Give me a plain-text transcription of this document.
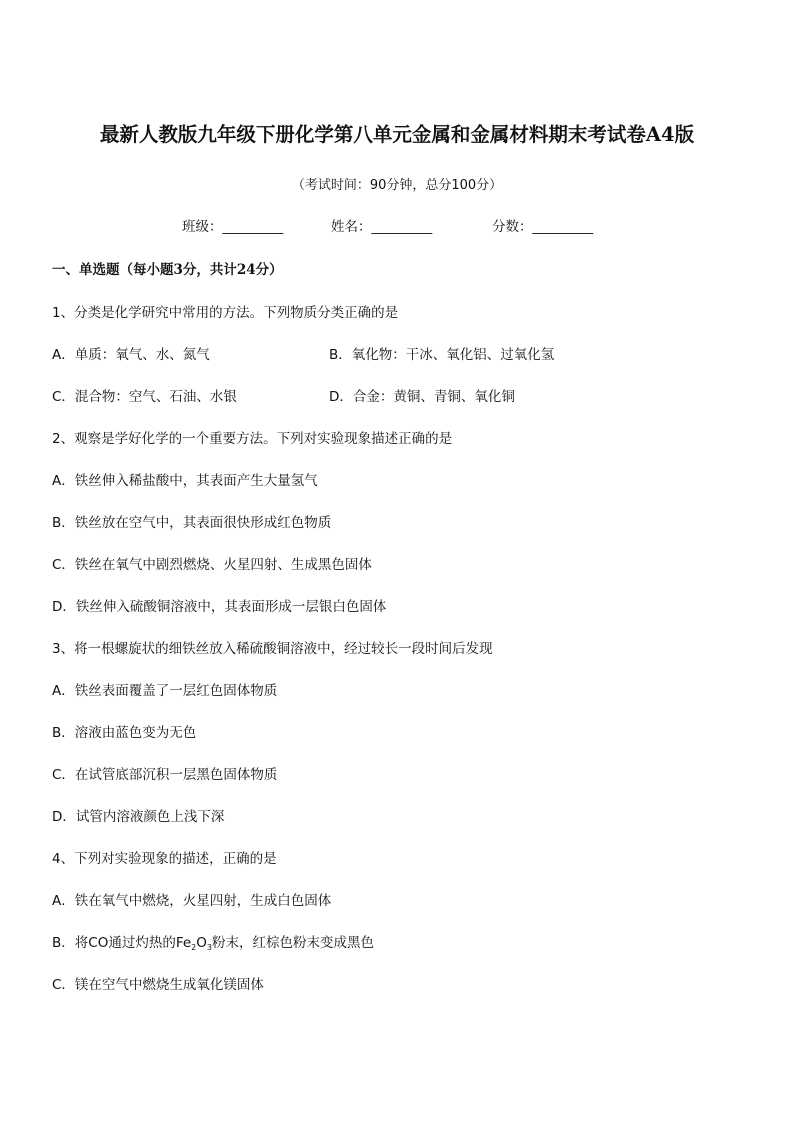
最新人教版九年级下册化学第八单元金属和金属材料期末考试卷A4版
（考试时间：90分钟，总分100分）
班级：_________	姓名：_________	分数：_________
一、单选题（每小题3分，共计24分）
1、分类是化学研究中常用的方法。下列物质分类正确的是
A．单质：氧气、水、氮气	B．氧化物：干冰、氧化铝、过氧化氢
C．混合物：空气、石油、水银	D．合金：黄铜、青铜、氧化铜
2、观察是学好化学的一个重要方法。下列对实验现象描述正确的是
A．铁丝伸入稀盐酸中，其表面产生大量氢气
B．铁丝放在空气中，其表面很快形成红色物质
C．铁丝在氧气中剧烈燃烧、火星四射、生成黑色固体
D．铁丝伸入硫酸铜溶液中，其表面形成一层银白色固体
3、将一根螺旋状的细铁丝放入稀硫酸铜溶液中，经过较长一段时间后发现
A．铁丝表面覆盖了一层红色固体物质
B．溶液由蓝色变为无色
C．在试管底部沉积一层黑色固体物质
D．试管内溶液颜色上浅下深
4、下列对实验现象的描述，正确的是
A．铁在氧气中燃烧，火星四射，生成白色固体
B．将CO通过灼热的$Fe_2O_3$粉末，红棕色粉末变成黑色
C．镁在空气中燃烧生成氧化镁固体
